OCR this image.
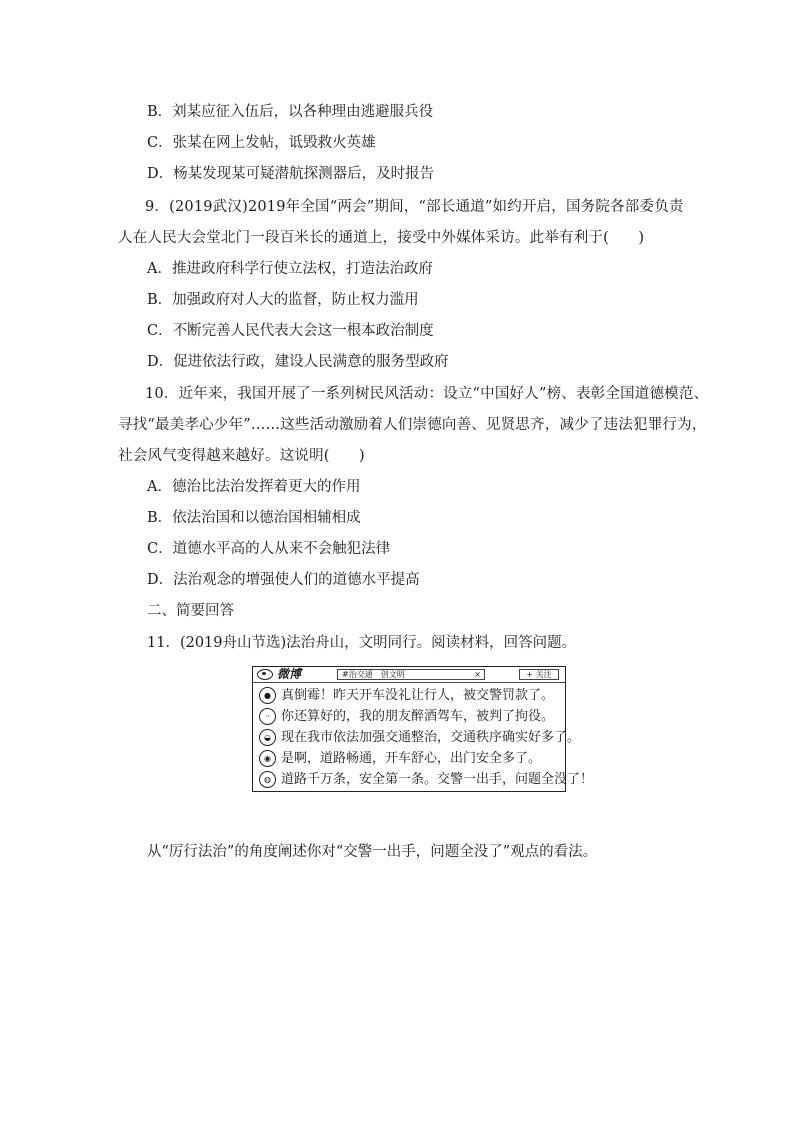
B．刘某应征入伍后，以各种理由逃避服兵役
C．张某在网上发帖，诋毁救火英雄
D．杨某发现某可疑潜航探测器后，及时报告
9．(2019武汉)2019年全国“两会”期间，“部长通道”如约开启，国务院各部委负责
人在人民大会堂北门一段百米长的通道上，接受中外媒体采访。此举有利于(　　)
A．推进政府科学行使立法权，打造法治政府
B．加强政府对人大的监督，防止权力滥用
C．不断完善人民代表大会这一根本政治制度
D．促进依法行政，建设人民满意的服务型政府
10．近年来，我国开展了一系列树民风活动：设立“中国好人”榜、表彰全国道德模范、
寻找“最美孝心少年”……这些活动激励着人们崇德向善、见贤思齐，减少了违法犯罪行为，
社会风气变得越来越好。这说明(　　)
A．德治比法治发挥着更大的作用
B．依法治国和以德治国相辅相成
C．道德水平高的人从来不会触犯法律
D．法治观念的增强使人们的道德水平提高
二、简要回答
11．(2019舟山节选)法治舟山，文明同行。阅读材料，回答问题。
微博	#治交通　创文明	×	+ 关注
● 真倒霉！昨天开车没礼让行人，被交警罚款了。
·· 你还算好的，我的朋友醉酒驾车，被判了拘役。
◒ 现在我市依法加强交通整治，交通秩序确实好多了。
◉ 是啊，道路畅通，开车舒心，出门安全多了。
◍ 道路千万条，安全第一条。交警一出手，问题全没了！
从“厉行法治”的角度阐述你对“交警一出手，问题全没了”观点的看法。
